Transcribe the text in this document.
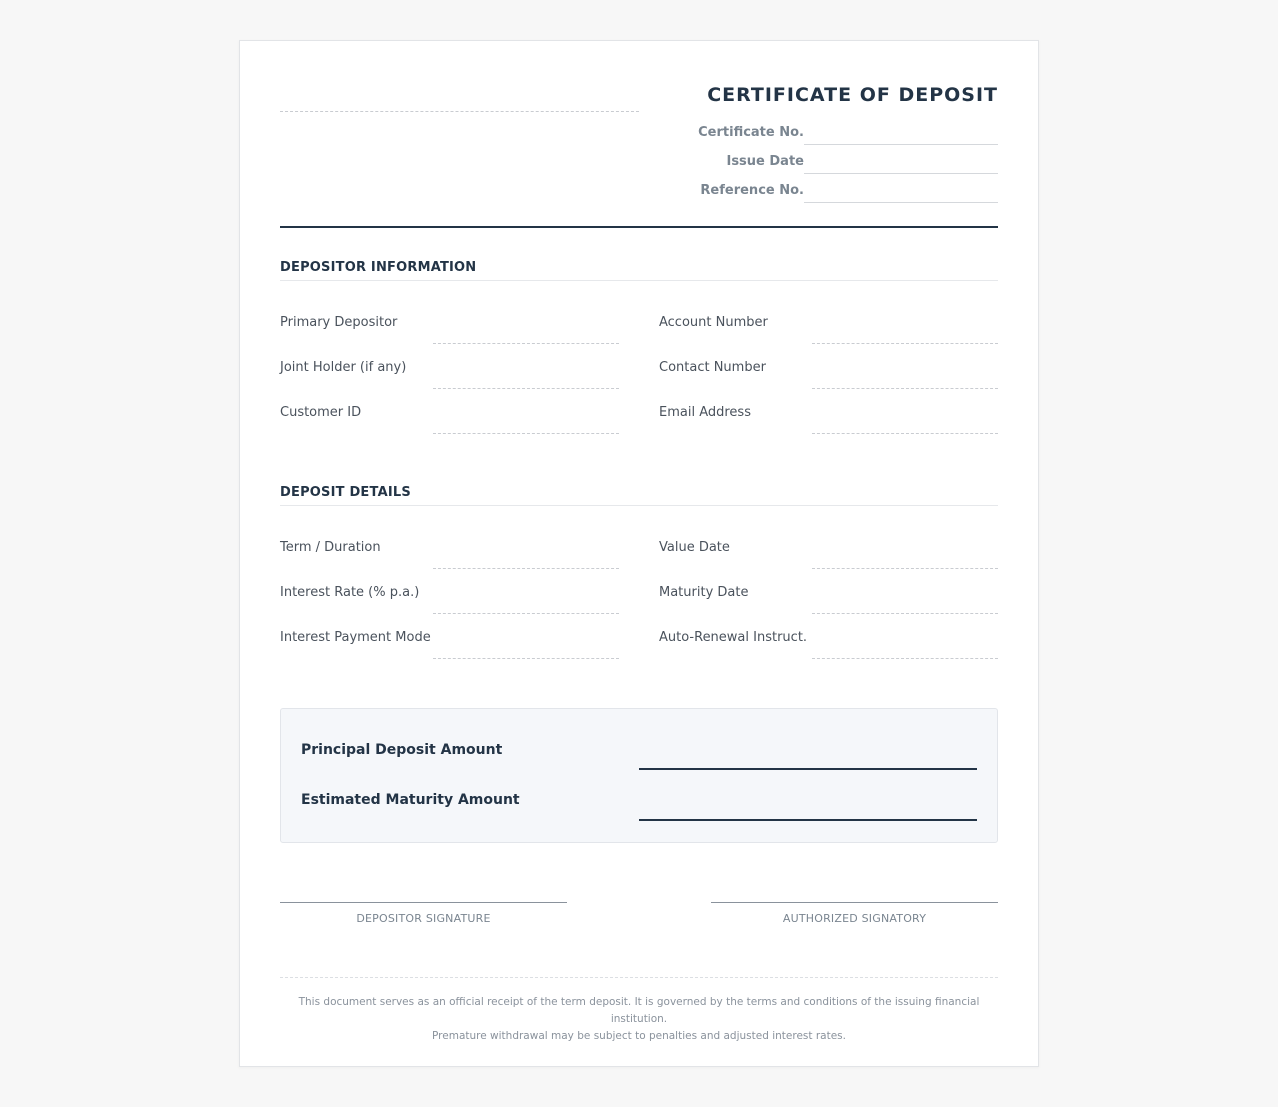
CERTIFICATE OF DEPOSIT
Certificate No.
Issue Date
Reference No.
DEPOSITOR INFORMATION
Primary Depositor	Account Number
Joint Holder (if any)	Contact Number
Customer ID	Email Address
DEPOSIT DETAILS
Term / Duration	Value Date
Interest Rate (% p.a.)	Maturity Date
Interest Payment Mode	Auto-Renewal Instruct.
Principal Deposit Amount
Estimated Maturity Amount
DEPOSITOR SIGNATURE	AUTHORIZED SIGNATORY
This document serves as an official receipt of the term deposit. It is governed by the terms and conditions of the issuing financial institution.
Premature withdrawal may be subject to penalties and adjusted interest rates.
